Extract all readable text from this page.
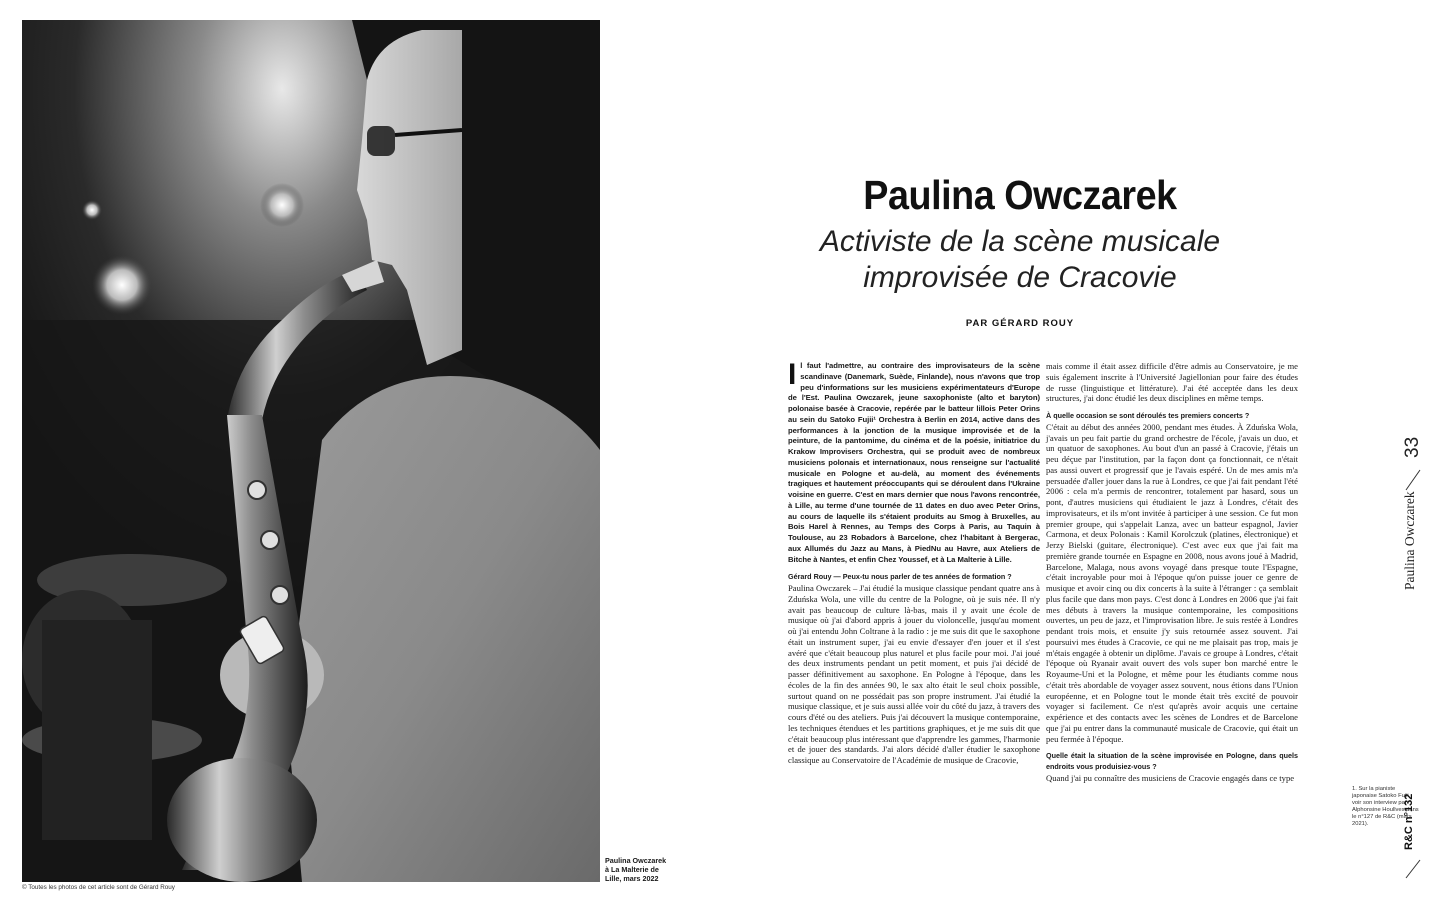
Paulina Owczarek
à La Malterie de
Lille, mars 2022
© Toutes les photos de cet article sont de Gérard Rouy
Paulina Owczarek
Activiste de la scène musicale
improvisée de Cracovie
PAR GÉRARD ROUY

Il faut l'admettre, au contraire des improvisateurs de la scène scandinave (Danemark, Suède, Finlande), nous n'avons que trop peu d'informations sur les musiciens expérimentateurs d'Europe de l'Est. Paulina Owczarek, jeune saxophoniste (alto et baryton) polonaise basée à Cracovie, repérée par le batteur lillois Peter Orins au sein du Satoko Fujii¹ Orchestra à Berlin en 2014, active dans des performances à la jonction de la musique improvisée et de la peinture, de la pantomime, du cinéma et de la poésie, initiatrice du Krakow Improvisers Orchestra, qui se produit avec de nombreux musiciens polonais et internationaux, nous renseigne sur l'actualité musicale en Pologne et au-delà, au moment des événements tragiques et hautement préoccupants qui se déroulent dans l'Ukraine voisine en guerre. C'est en mars dernier que nous l'avons rencontrée, à Lille, au terme d'une tournée de 11 dates en duo avec Peter Orins, au cours de laquelle ils s'étaient produits au Smog à Bruxelles, au Bois Harel à Rennes, au Temps des Corps à Paris, au Taquin à Toulouse, au 23 Robadors à Barcelone, chez l'habitant à Bergerac, aux Allumés du Jazz au Mans, à PiedNu au Havre, aux Ateliers de Bitche à Nantes, et enfin Chez Youssef, et à La Malterie à Lille.

Gérard Rouy — Peux-tu nous parler de tes années de formation ?

Paulina Owczarek – J'ai étudié la musique classique pendant quatre ans à Zduńska Wola, une ville du centre de la Pologne, où je suis née. Il n'y avait pas beaucoup de culture là-bas, mais il y avait une école de musique où j'ai d'abord appris à jouer du violoncelle, jusqu'au moment où j'ai entendu John Coltrane à la radio : je me suis dit que le saxophone était un instrument super, j'ai eu envie d'essayer d'en jouer et il s'est avéré que c'était beaucoup plus naturel et plus facile pour moi. J'ai joué des deux instruments pendant un petit moment, et puis j'ai décidé de passer définitivement au saxophone. En Pologne à l'époque, dans les écoles de la fin des années 90, le sax alto était le seul choix possible, surtout quand on ne possédait pas son propre instrument. J'ai étudié la musique classique, et je suis aussi allée voir du côté du jazz, à travers des cours d'été ou des ateliers. Puis j'ai découvert la musique contemporaine, les techniques étendues et les partitions graphiques, et je me suis dit que c'était beaucoup plus intéressant que d'apprendre les gammes, l'harmonie et de jouer des standards. J'ai alors décidé d'aller étudier le saxophone classique au Conservatoire de l'Académie de musique de Cracovie,

mais comme il était assez difficile d'être admis au Conservatoire, je me suis également inscrite à l'Université Jagiellonian pour faire des études de russe (linguistique et littérature). J'ai été acceptée dans les deux structures, j'ai donc étudié les deux disciplines en même temps.

À quelle occasion se sont déroulés tes premiers concerts ?

C'était au début des années 2000, pendant mes études. À Zduńska Wola, j'avais un peu fait partie du grand orchestre de l'école, j'avais un duo, et un quatuor de saxophones. Au bout d'un an passé à Cracovie, j'étais un peu déçue par l'institution, par la façon dont ça fonctionnait, ce n'était pas aussi ouvert et progressif que je l'avais espéré. Un de mes amis m'a persuadée d'aller jouer dans la rue à Londres, ce que j'ai fait pendant l'été 2006 : cela m'a permis de rencontrer, totalement par hasard, sous un pont, d'autres musiciens qui étudiaient le jazz à Londres, c'était des improvisateurs, et ils m'ont invitée à participer à une session. Ce fut mon premier groupe, qui s'appelait Lanza, avec un batteur espagnol, Javier Carmona, et deux Polonais : Kamil Korolczuk (platines, électronique) et Jerzy Bielski (guitare, électronique). C'est avec eux que j'ai fait ma première grande tournée en Espagne en 2008, nous avons joué à Madrid, Barcelone, Malaga, nous avons voyagé dans presque toute l'Espagne, c'était incroyable pour moi à l'époque qu'on puisse jouer ce genre de musique et avoir cinq ou dix concerts à la suite à l'étranger : ça semblait plus facile que dans mon pays. C'est donc à Londres en 2006 que j'ai fait mes débuts à travers la musique contemporaine, les compositions ouvertes, un peu de jazz, et l'improvisation libre. Je suis restée à Londres pendant trois mois, et ensuite j'y suis retournée assez souvent. J'ai poursuivi mes études à Cracovie, ce qui ne me plaisait pas trop, mais je m'étais engagée à obtenir un diplôme. J'avais ce groupe à Londres, c'était l'époque où Ryanair avait ouvert des vols super bon marché entre le Royaume-Uni et la Pologne, et même pour les étudiants comme nous c'était très abordable de voyager assez souvent, nous étions dans l'Union européenne, et en Pologne tout le monde était très excité de pouvoir voyager si facilement. Ce n'est qu'après avoir acquis une certaine expérience et des contacts avec les scènes de Londres et de Barcelone que j'ai pu entrer dans la communauté musicale de Cracovie, qui était un peu fermée à l'époque.

Quelle était la situation de la scène improvisée en Pologne, dans quels endroits vous produisiez-vous ?

Quand j'ai pu connaître des musiciens de Cracovie engagés dans ce type

1. Sur la pianiste japonaise Satoko Fujii, voir son interview par Alphonsine Houllves dans le n°127 de R&C (mars 2021).
33
Paulina Owczarek
R&C n°132
